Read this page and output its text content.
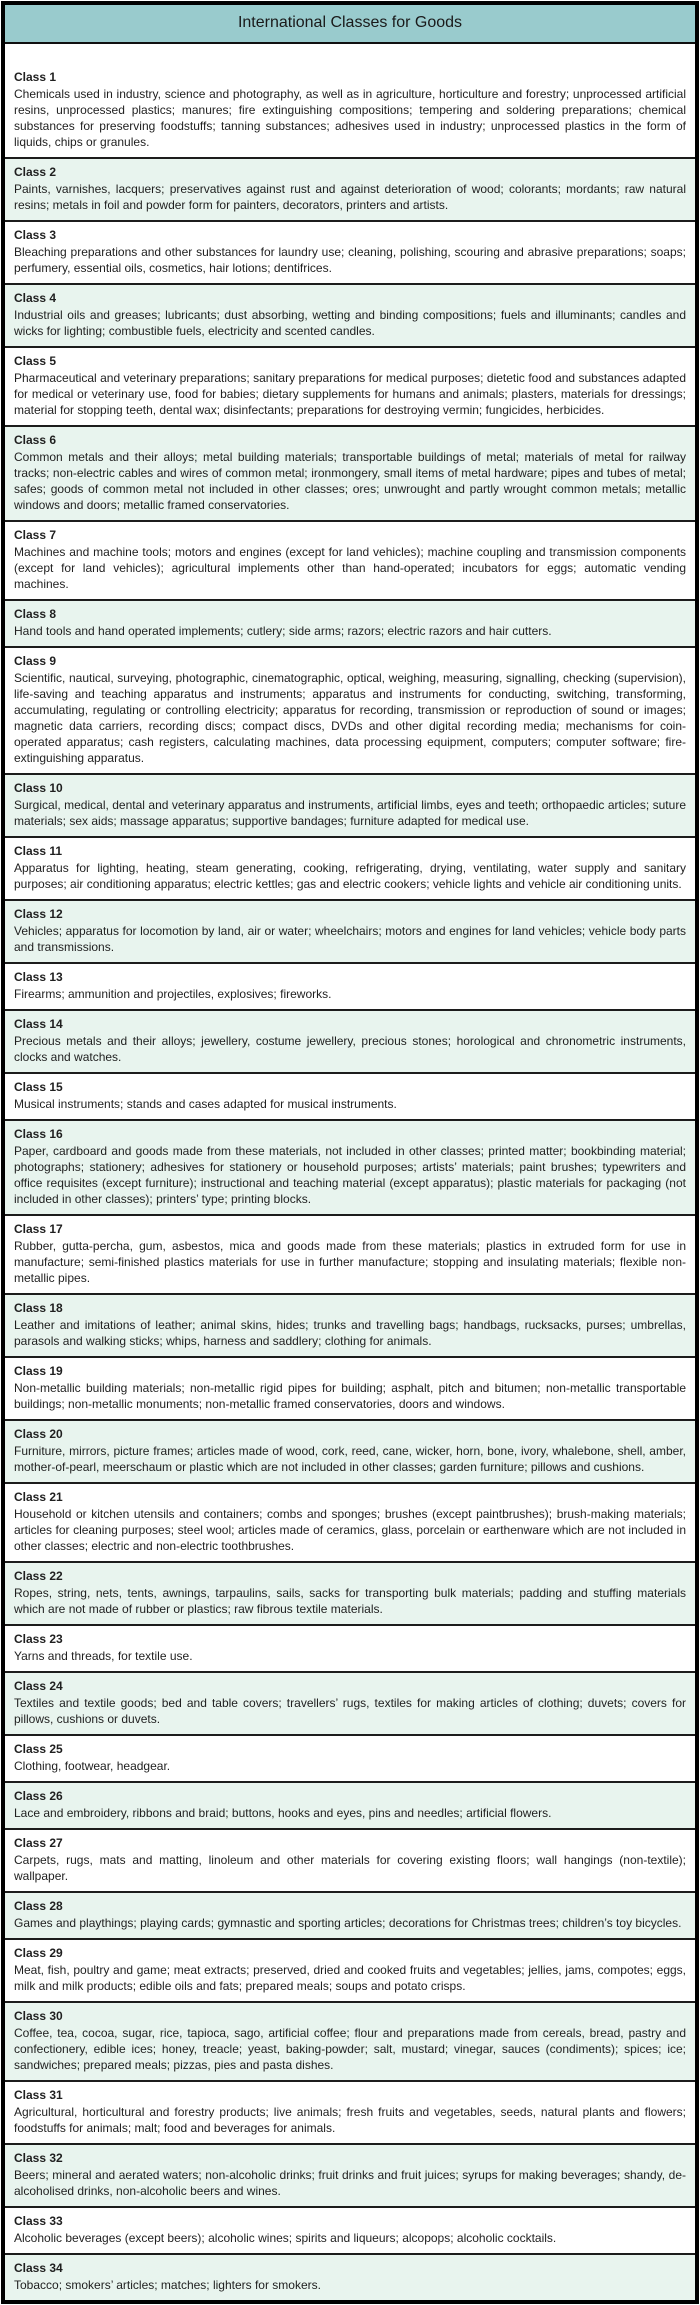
International Classes for Goods

Class 1

Chemicals used in industry, science and photography, as well as in agriculture, horticulture and forestry; unprocessed artificial resins, unprocessed plastics; manures; fire extinguishing compositions; tempering and soldering preparations; chemical substances for preserving foodstuffs; tanning substances; adhesives used in industry; unprocessed plastics in the form of liquids, chips or granules.

Class 2

Paints, varnishes, lacquers; preservatives against rust and against deterioration of wood; colorants; mordants; raw natural resins; metals in foil and powder form for painters, decorators, printers and artists.

Class 3

Bleaching preparations and other substances for laundry use; cleaning, polishing, scouring and abrasive preparations; soaps; perfumery, essential oils, cosmetics, hair lotions; dentifrices.

Class 4

Industrial oils and greases; lubricants; dust absorbing, wetting and binding compositions; fuels and illuminants; candles and wicks for lighting; combustible fuels, electricity and scented candles.

Class 5

Pharmaceutical and veterinary preparations; sanitary preparations for medical purposes; dietetic food and substances adapted for medical or veterinary use, food for babies; dietary supplements for humans and animals; plasters, materials for dressings; material for stopping teeth, dental wax; disinfectants; preparations for destroying vermin; fungicides, herbicides.

Class 6

Common metals and their alloys; metal building materials; transportable buildings of metal; materials of metal for railway tracks; non-electric cables and wires of common metal; ironmongery, small items of metal hardware; pipes and tubes of metal; safes; goods of common metal not included in other classes; ores; unwrought and partly wrought common metals; metallic windows and doors; metallic framed conservatories.

Class 7

Machines and machine tools; motors and engines (except for land vehicles); machine coupling and transmission components (except for land vehicles); agricultural implements other than hand-operated; incubators for eggs; automatic vending machines.

Class 8

Hand tools and hand operated implements; cutlery; side arms; razors; electric razors and hair cutters.

Class 9

Scientific, nautical, surveying, photographic, cinematographic, optical, weighing, measuring, signalling, checking (supervision), life-saving and teaching apparatus and instruments; apparatus and instruments for conducting, switching, transforming, accumulating, regulating or controlling electricity; apparatus for recording, transmission or reproduction of sound or images; magnetic data carriers, recording discs; compact discs, DVDs and other digital recording media; mechanisms for coin-operated apparatus; cash registers, calculating machines, data processing equipment, computers; computer software; fire-extinguishing apparatus.

Class 10

Surgical, medical, dental and veterinary apparatus and instruments, artificial limbs, eyes and teeth; orthopaedic articles; suture materials; sex aids; massage apparatus; supportive bandages; furniture adapted for medical use.

Class 11

Apparatus for lighting, heating, steam generating, cooking, refrigerating, drying, ventilating, water supply and sanitary purposes; air conditioning apparatus; electric kettles; gas and electric cookers; vehicle lights and vehicle air conditioning units.

Class 12

Vehicles; apparatus for locomotion by land, air or water; wheelchairs; motors and engines for land vehicles; vehicle body parts and transmissions.

Class 13

Firearms; ammunition and projectiles, explosives; fireworks.

Class 14

Precious metals and their alloys; jewellery, costume jewellery, precious stones; horological and chronometric instruments, clocks and watches.

Class 15

Musical instruments; stands and cases adapted for musical instruments.

Class 16

Paper, cardboard and goods made from these materials, not included in other classes; printed matter; bookbinding material; photographs; stationery; adhesives for stationery or household purposes; artists’ materials; paint brushes; typewriters and office requisites (except furniture); instructional and teaching material (except apparatus); plastic materials for packaging (not included in other classes); printers’ type; printing blocks.

Class 17

Rubber, gutta-percha, gum, asbestos, mica and goods made from these materials; plastics in extruded form for use in manufacture; semi-finished plastics materials for use in further manufacture; stopping and insulating materials; flexible non-metallic pipes.

Class 18

Leather and imitations of leather; animal skins, hides; trunks and travelling bags; handbags, rucksacks, purses; umbrellas, parasols and walking sticks; whips, harness and saddlery; clothing for animals.

Class 19

Non-metallic building materials; non-metallic rigid pipes for building; asphalt, pitch and bitumen; non-metallic transportable buildings; non-metallic monuments; non-metallic framed conservatories, doors and windows.

Class 20

Furniture, mirrors, picture frames; articles made of wood, cork, reed, cane, wicker, horn, bone, ivory, whalebone, shell, amber, mother-of-pearl, meerschaum or plastic which are not included in other classes; garden furniture; pillows and cushions.

Class 21

Household or kitchen utensils and containers; combs and sponges; brushes (except paintbrushes); brush-making materials; articles for cleaning purposes; steel wool; articles made of ceramics, glass, porcelain or earthenware which are not included in other classes; electric and non-electric toothbrushes.

Class 22

Ropes, string, nets, tents, awnings, tarpaulins, sails, sacks for transporting bulk materials; padding and stuffing materials which are not made of rubber or plastics; raw fibrous textile materials.

Class 23

Yarns and threads, for textile use.

Class 24

Textiles and textile goods; bed and table covers; travellers’ rugs, textiles for making articles of clothing; duvets; covers for pillows, cushions or duvets.

Class 25

Clothing, footwear, headgear.

Class 26

Lace and embroidery, ribbons and braid; buttons, hooks and eyes, pins and needles; artificial flowers.

Class 27

Carpets, rugs, mats and matting, linoleum and other materials for covering existing floors; wall hangings (non-textile); wallpaper.

Class 28

Games and playthings; playing cards; gymnastic and sporting articles; decorations for Christmas trees; children’s toy bicycles.

Class 29

Meat, fish, poultry and game; meat extracts; preserved, dried and cooked fruits and vegetables; jellies, jams, compotes; eggs, milk and milk products; edible oils and fats; prepared meals; soups and potato crisps.

Class 30

Coffee, tea, cocoa, sugar, rice, tapioca, sago, artificial coffee; flour and preparations made from cereals, bread, pastry and confectionery, edible ices; honey, treacle; yeast, baking-powder; salt, mustard; vinegar, sauces (condiments); spices; ice; sandwiches; prepared meals; pizzas, pies and pasta dishes.

Class 31

Agricultural, horticultural and forestry products; live animals; fresh fruits and vegetables, seeds, natural plants and flowers; foodstuffs for animals; malt; food and beverages for animals.

Class 32

Beers; mineral and aerated waters; non-alcoholic drinks; fruit drinks and fruit juices; syrups for making beverages; shandy, de-alcoholised drinks, non-alcoholic beers and wines.

Class 33

Alcoholic beverages (except beers); alcoholic wines; spirits and liqueurs; alcopops; alcoholic cocktails.

Class 34

Tobacco; smokers’ articles; matches; lighters for smokers.
